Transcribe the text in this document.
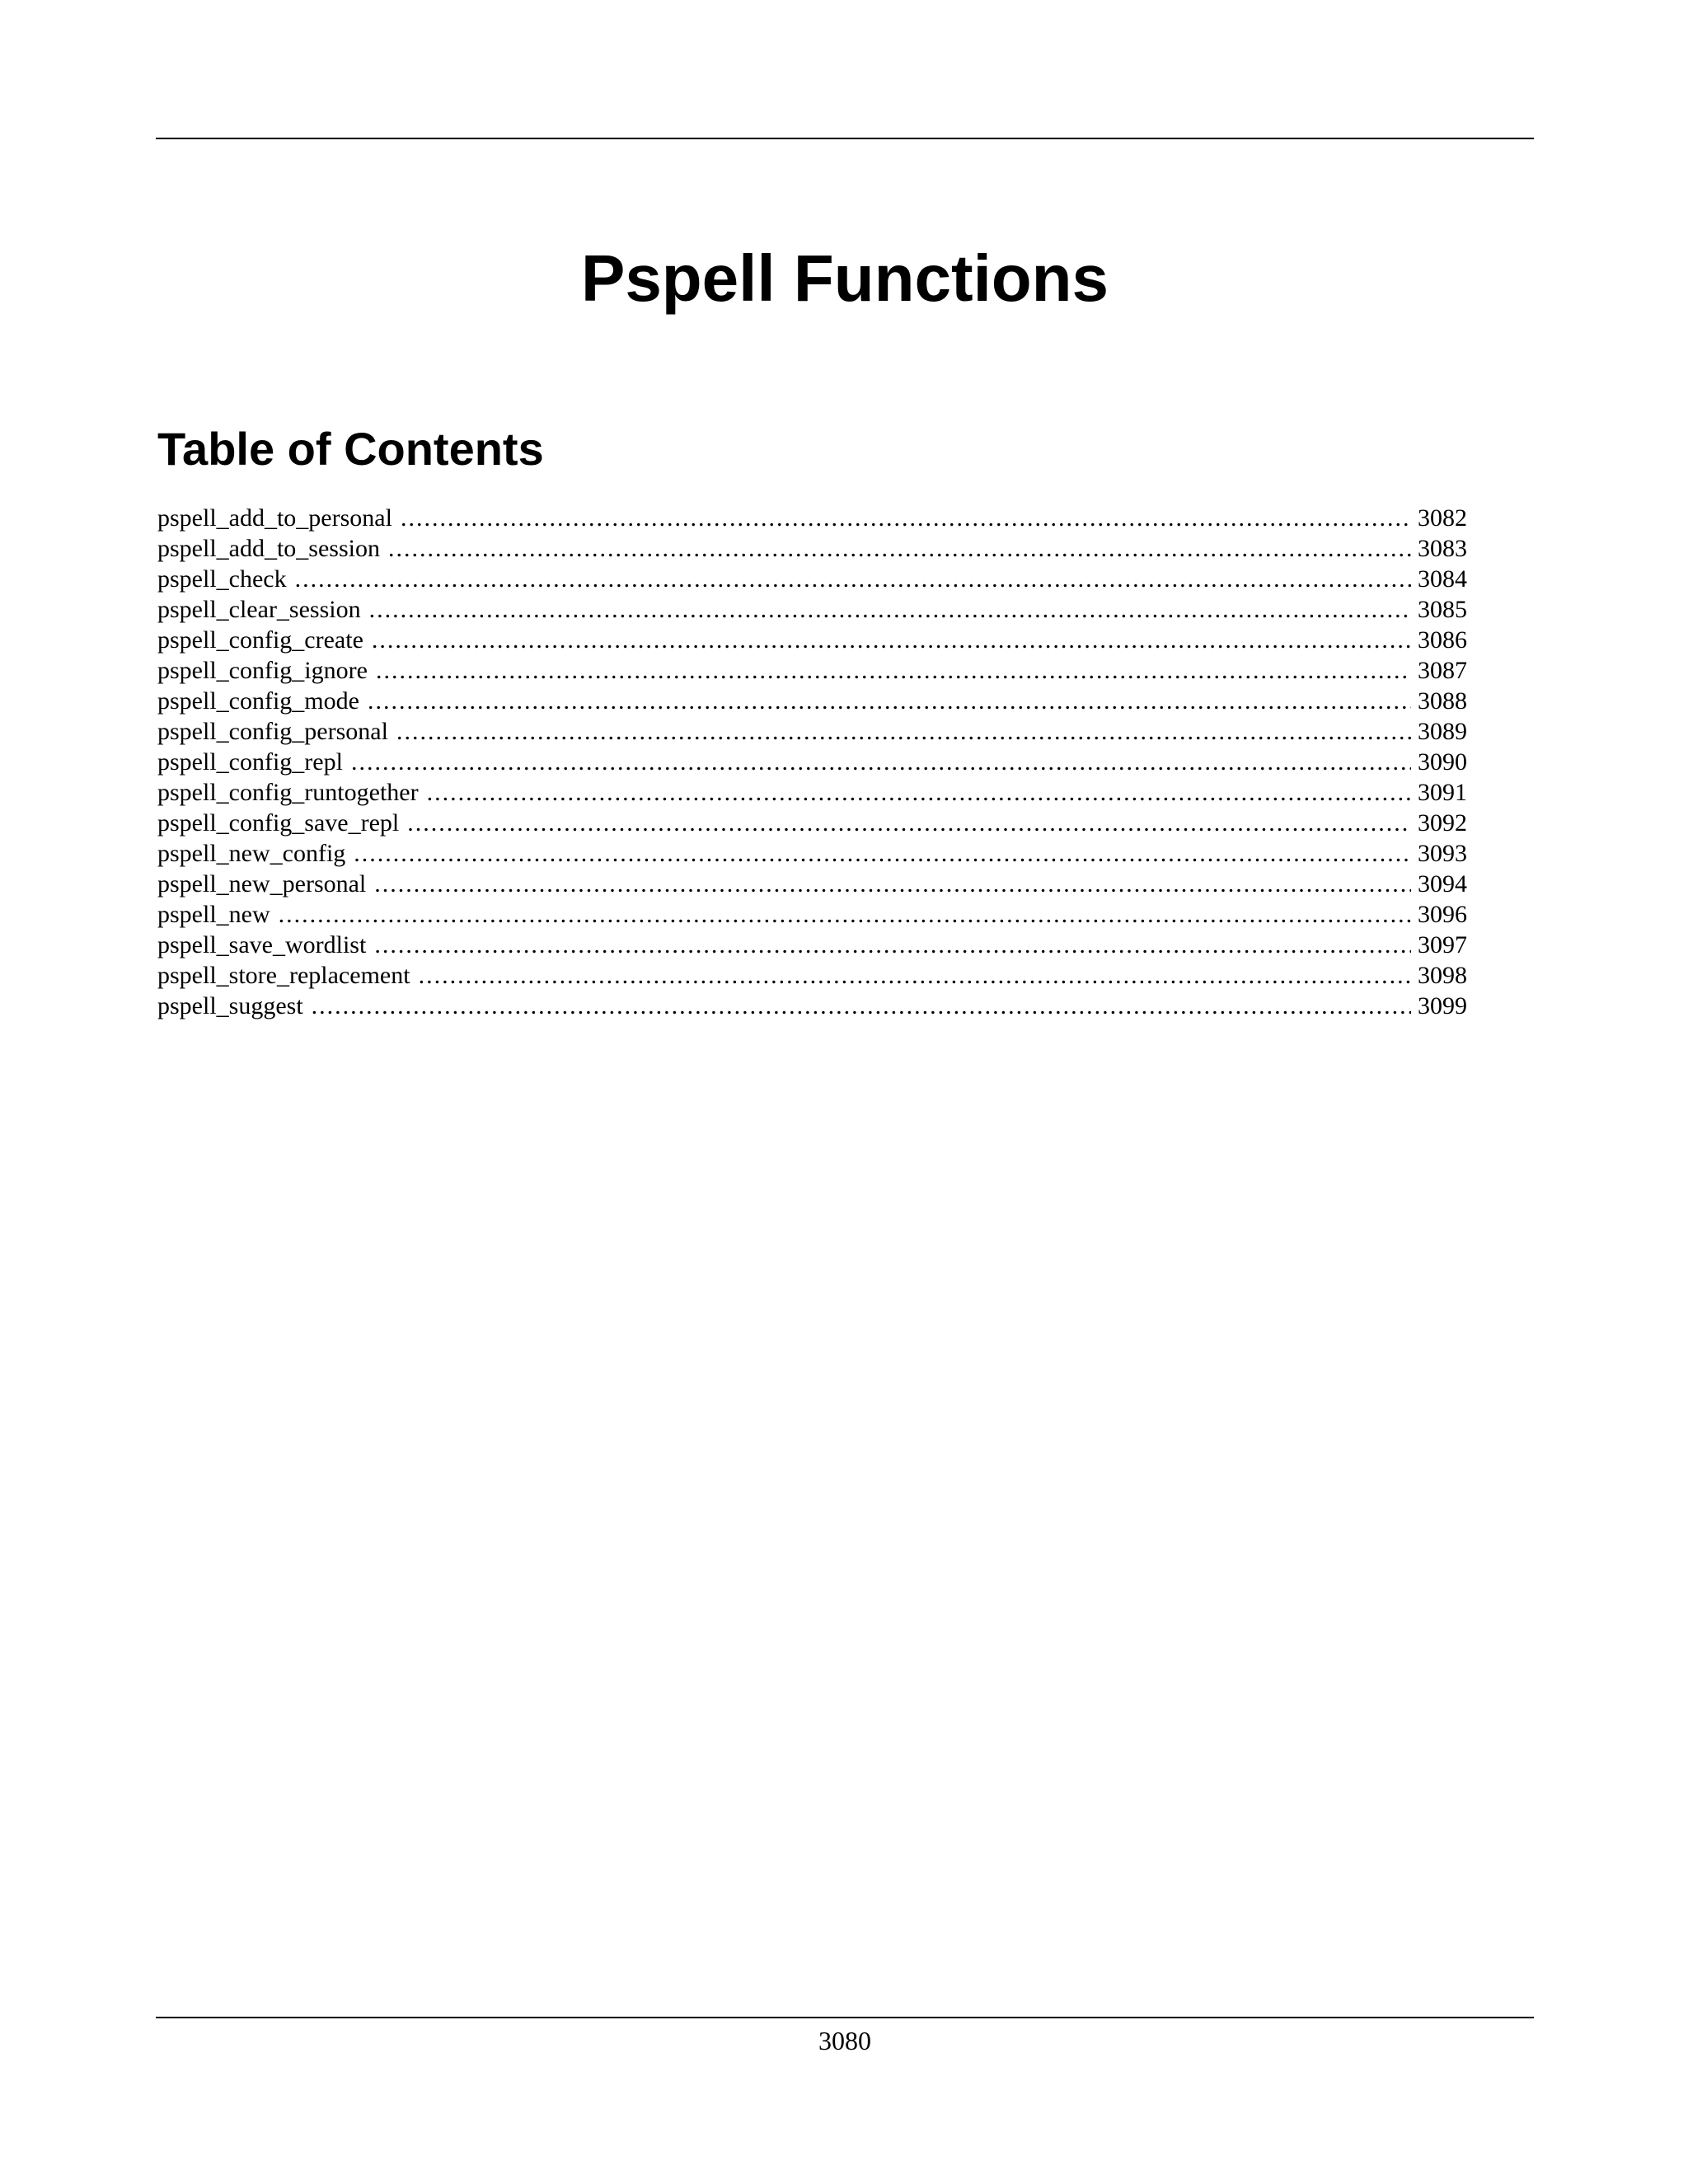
Pspell Functions
Table of Contents
pspell_add_to_personal .....	3082
pspell_add_to_session .....	3083
pspell_check .....	3084
pspell_clear_session .....	3085
pspell_config_create .....	3086
pspell_config_ignore .....	3087
pspell_config_mode .....	3088
pspell_config_personal .....	3089
pspell_config_repl .....	3090
pspell_config_runtogether .....	3091
pspell_config_save_repl .....	3092
pspell_new_config .....	3093
pspell_new_personal .....	3094
pspell_new .....	3096
pspell_save_wordlist .....	3097
pspell_store_replacement .....	3098
pspell_suggest .....	3099
3080
